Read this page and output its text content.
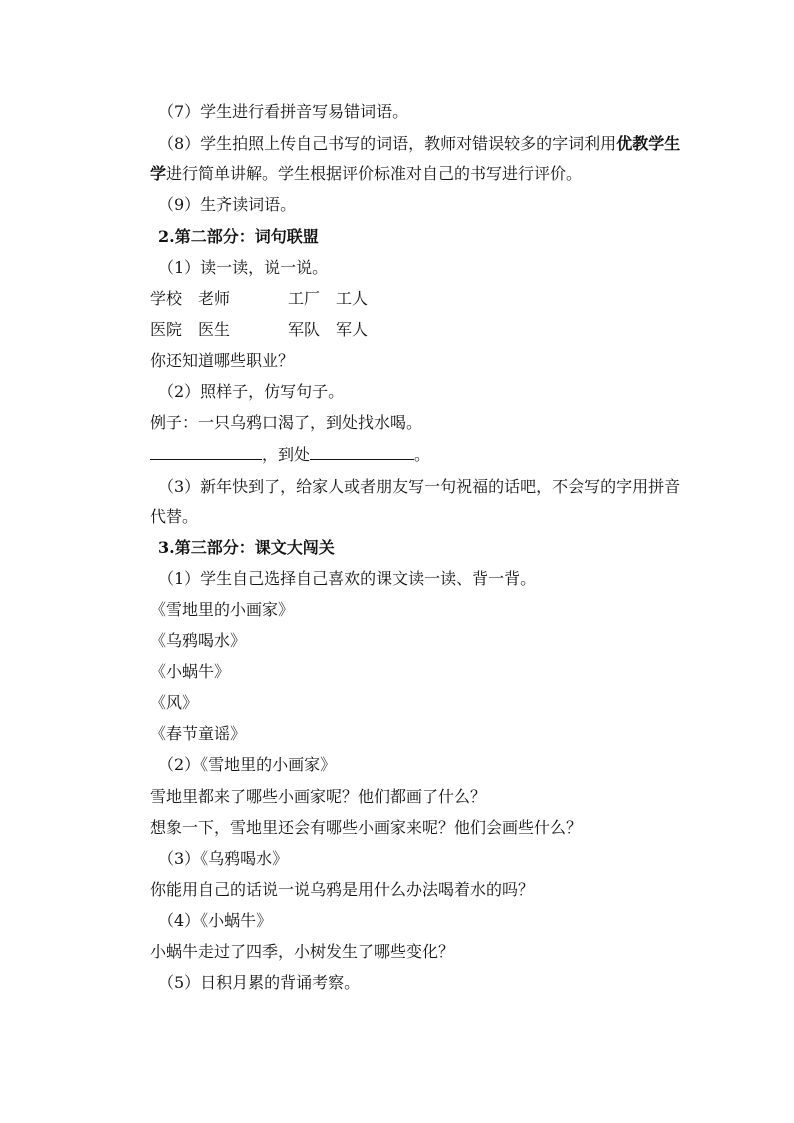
（7）学生进行看拼音写易错词语。
（8）学生拍照上传自己书写的词语，教师对错误较多的字词利用优教学生
学进行简单讲解。学生根据评价标准对自己的书写进行评价。
（9）生齐读词语。
2.第二部分：词句联盟
（1）读一读，说一说。
学校　老师	工厂　工人
医院　医生	军队　军人
你还知道哪些职业？
（2）照样子，仿写句子。
例子：一只乌鸦口渴了，到处找水喝。
，到处	。
（3）新年快到了，给家人或者朋友写一句祝福的话吧，不会写的字用拼音
代替。
3.第三部分：课文大闯关
（1）学生自己选择自己喜欢的课文读一读、背一背。
《雪地里的小画家》
《乌鸦喝水》
《小蜗牛》
《风》
《春节童谣》
（2）《雪地里的小画家》
雪地里都来了哪些小画家呢？他们都画了什么？
想象一下，雪地里还会有哪些小画家来呢？他们会画些什么？
（3）《乌鸦喝水》
你能用自己的话说一说乌鸦是用什么办法喝着水的吗？
（4）《小蜗牛》
小蜗牛走过了四季，小树发生了哪些变化？
（5）日积月累的背诵考察。
